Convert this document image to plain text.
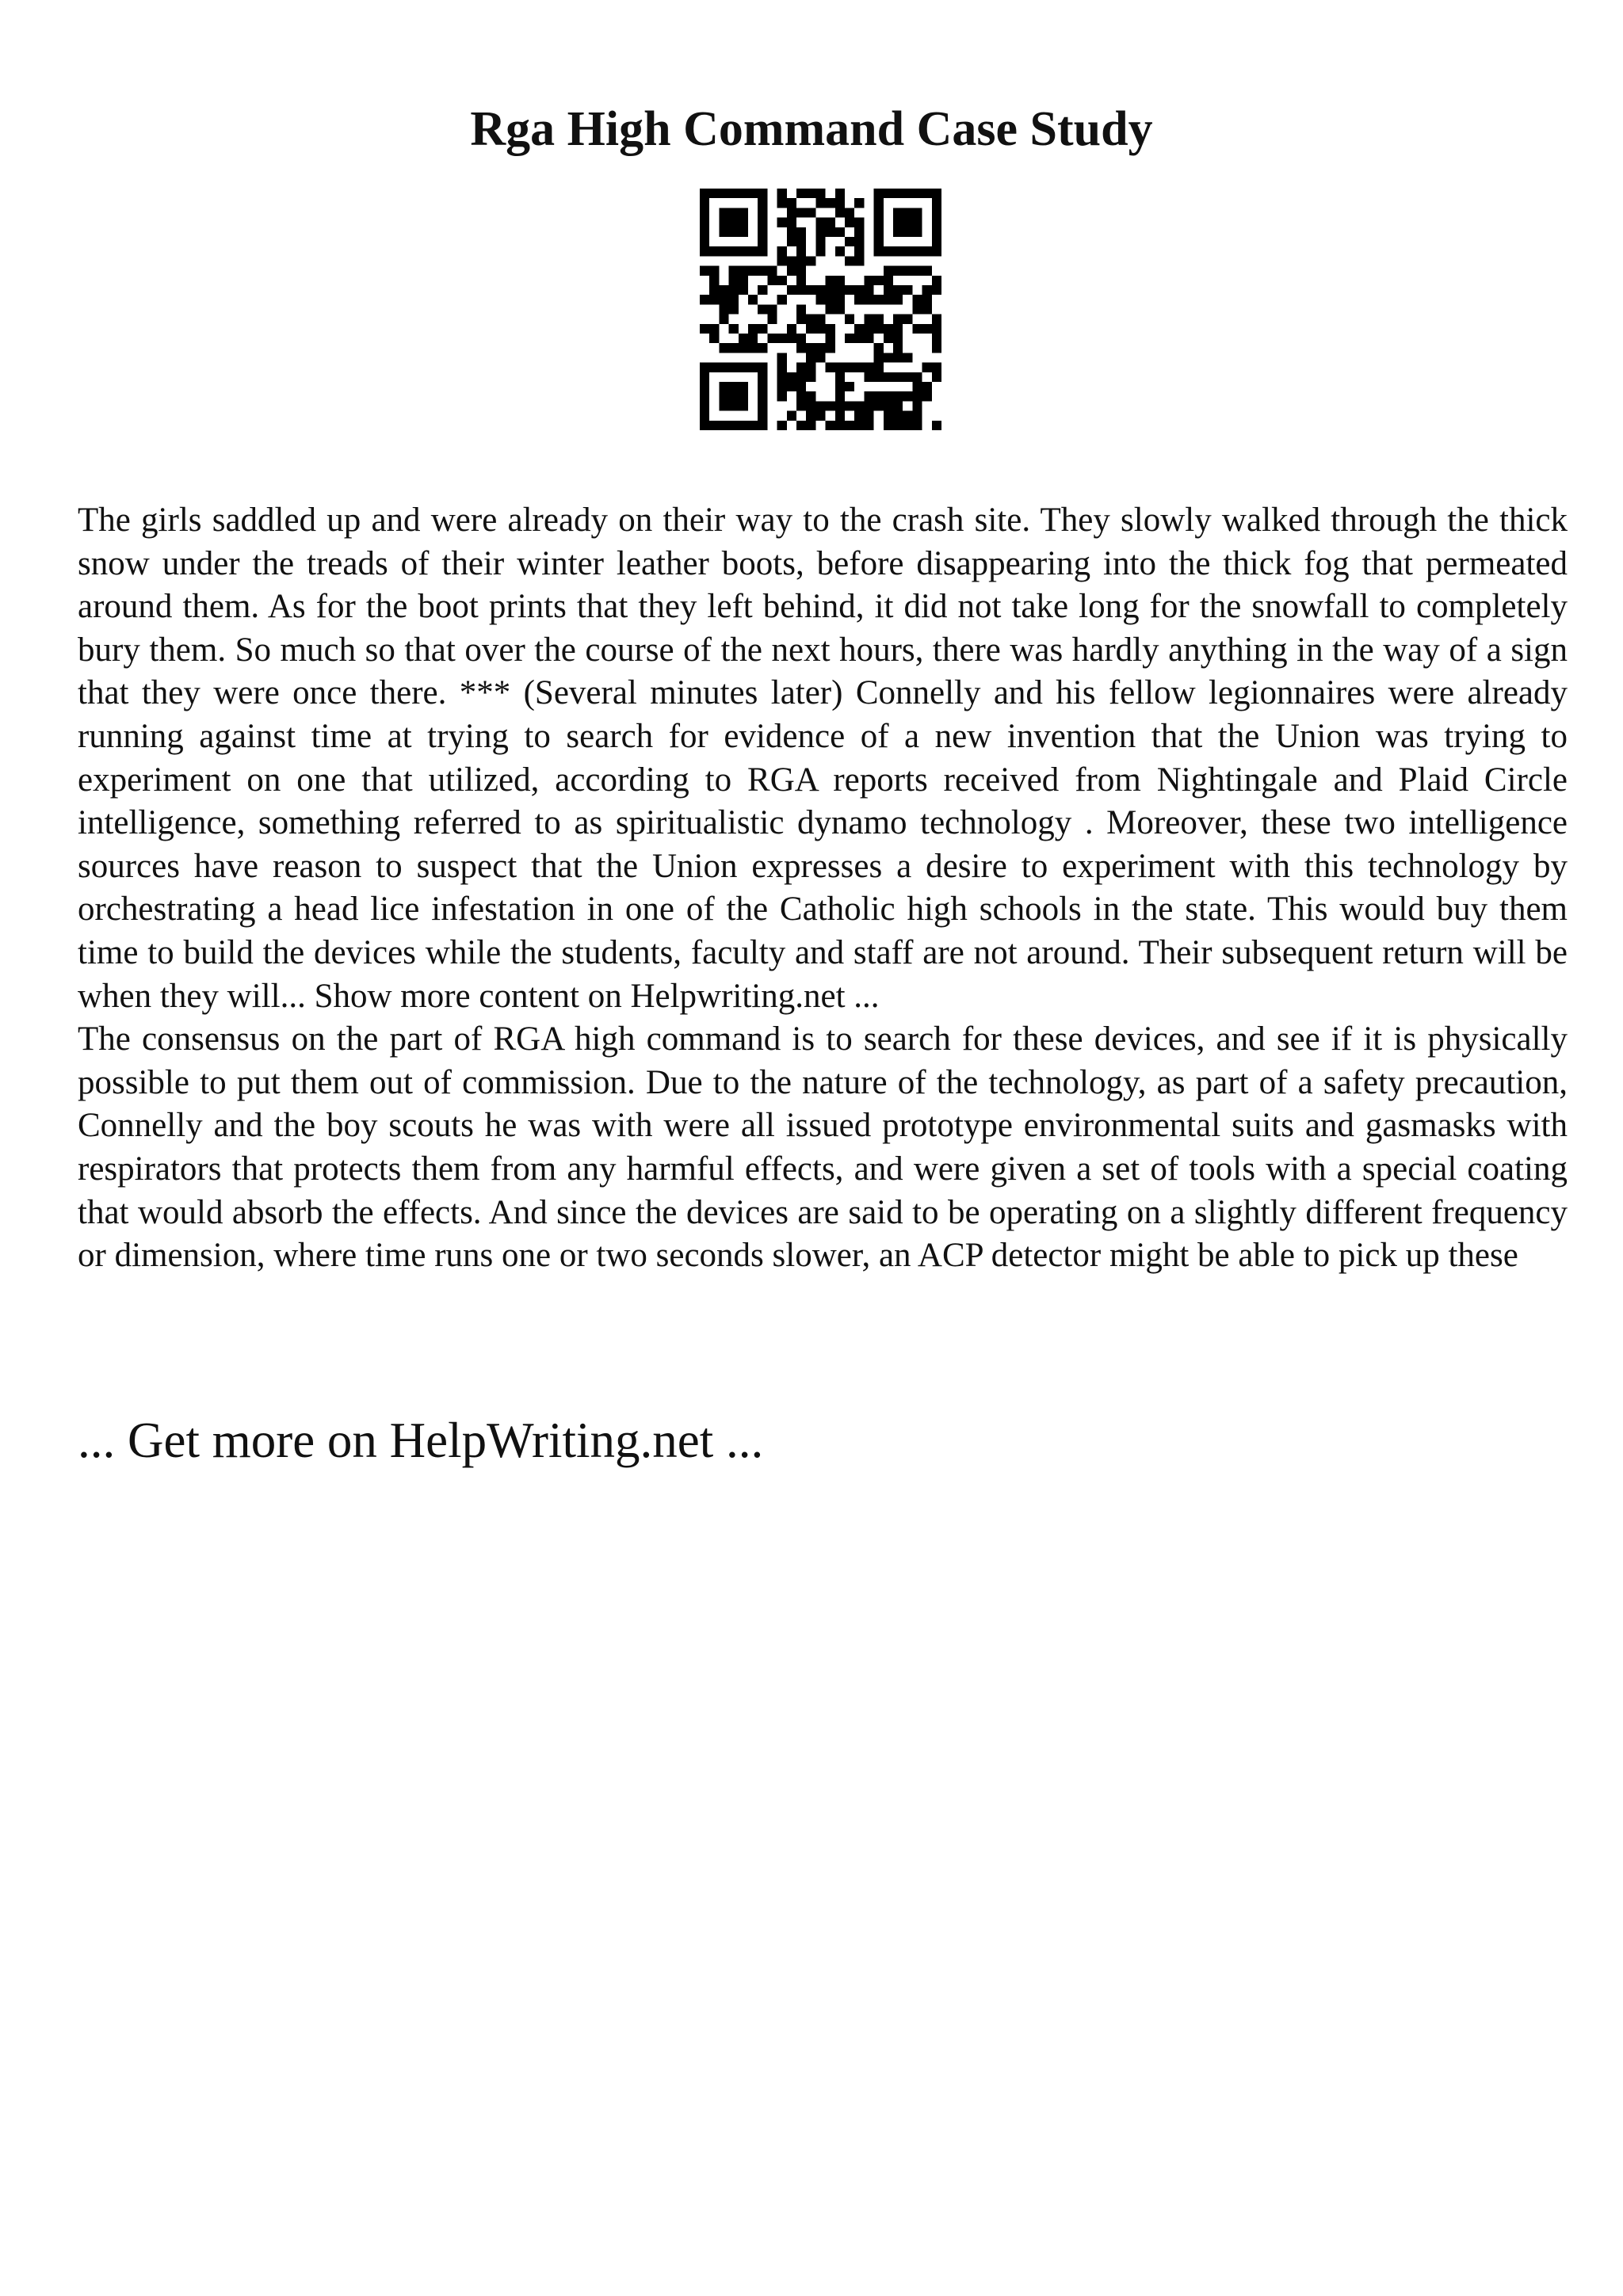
Rga High Command Case Study

The girls saddled up and were already on their way to the crash site. They slowly walked through the thick snow under the treads of their winter leather boots, before disappearing into the thick fog that permeated around them. As for the boot prints that they left behind, it did not take long for the snowfall to completely bury them. So much so that over the course of the next hours, there was hardly anything in the way of a sign that they were once there. *** (Several minutes later) Connelly and his fellow legionnaires were already running against time at trying to search for evidence of a new invention that the Union was trying to experiment on one that utilized, according to RGA reports received from Nightingale and Plaid Circle intelligence, something referred to as spiritualistic dynamo technology . Moreover, these two intelligence sources have reason to suspect that the Union expresses a desire to experiment with this technology by orchestrating a head lice infestation in one of the Catholic high schools in the state. This would buy them time to build the devices while the students, faculty and staff are not around. Their subsequent return will be when they will... Show more content on Helpwriting.net ...

The consensus on the part of RGA high command is to search for these devices, and see if it is physically possible to put them out of commission. Due to the nature of the technology, as part of a safety precaution, Connelly and the boy scouts he was with were all issued prototype environmental suits and gasmasks with respirators that protects them from any harmful effects, and were given a set of tools with a special coating that would absorb the effects. And since the devices are said to be operating on a slightly different frequency or dimension, where time runs one or two seconds slower, an ACP detector might be able to pick up these

... Get more on HelpWriting.net ...
